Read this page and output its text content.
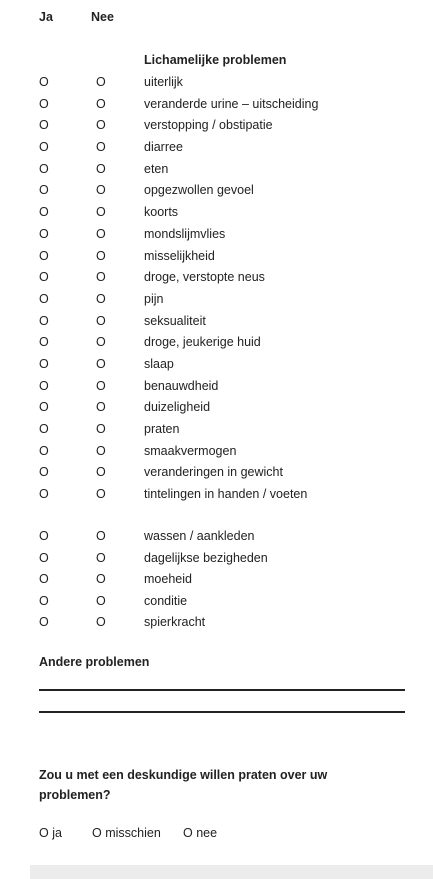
Ja	Nee
Lichamelijke problemen
O	O	uiterlijk
O	O	veranderde urine – uitscheiding
O	O	verstopping / obstipatie
O	O	diarree
O	O	eten
O	O	opgezwollen gevoel
O	O	koorts
O	O	mondslijmvlies
O	O	misselijkheid
O	O	droge, verstopte neus
O	O	pijn
O	O	seksualiteit
O	O	droge, jeukerige huid
O	O	slaap
O	O	benauwdheid
O	O	duizeligheid
O	O	praten
O	O	smaakvermogen
O	O	veranderingen in gewicht
O	O	tintelingen in handen / voeten
O	O	wassen / aankleden
O	O	dagelijkse bezigheden
O	O	moeheid
O	O	conditie
O	O	spierkracht
Andere problemen
Zou u met een deskundige willen praten over uw problemen?
O ja O misschien O nee
